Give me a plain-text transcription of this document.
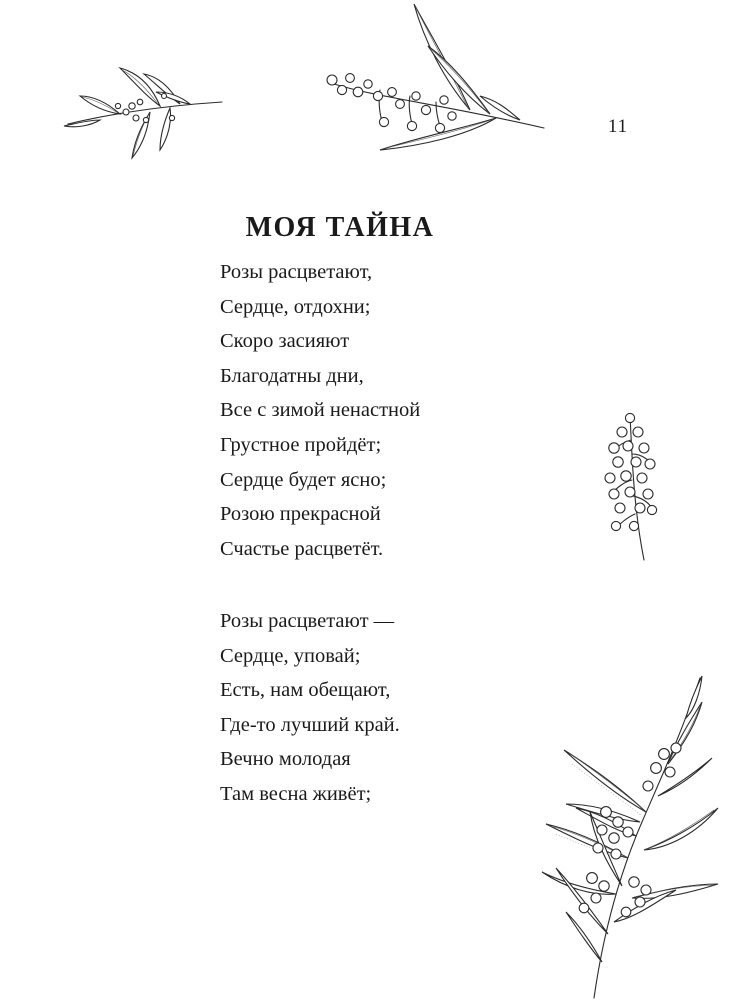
11
МОЯ ТАЙНА
Розы расцветают,
Сердце, отдохни;
Скоро засияют
Благодатны дни,
Все с зимой ненастной
Грустное пройдёт;
Сердце будет ясно;
Розою прекрасной
Счастье расцветёт.
Розы расцветают —
Сердце, уповай;
Есть, нам обещают,
Где-то лучший край.
Вечно молодая
Там весна живёт;
